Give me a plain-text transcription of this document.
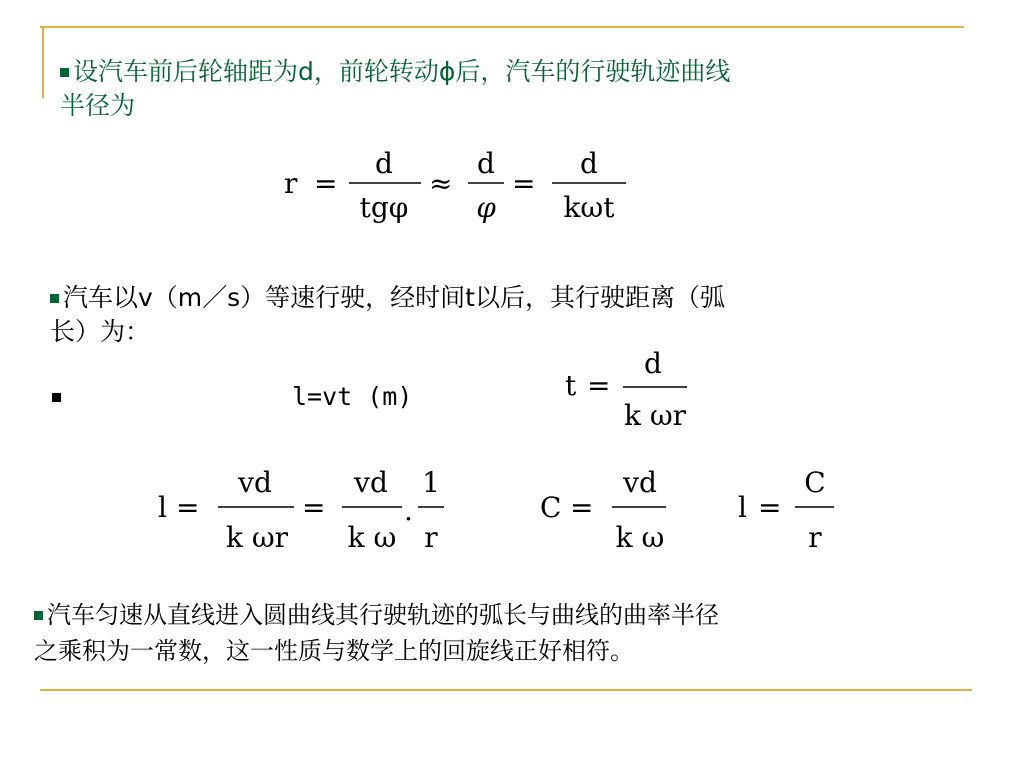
设汽车前后轮轴距为d，前轮转动ϕ后，汽车的行驶轨迹曲线
半径为
r =
d
tgφ
≈
d
φ
=
d
kωt
汽车以v（m／s）等速行驶，经时间t以后，其行驶距离（弧
长）为：
l=vt (m)	t =
d
k ωr
l =
vd
k ωr
=
vd
k ω
.
1
r
C =
vd
k ω
l =
C
r
汽车匀速从直线进入圆曲线其行驶轨迹的弧长与曲线的曲率半径
之乘积为一常数，这一性质与数学上的回旋线正好相符。
